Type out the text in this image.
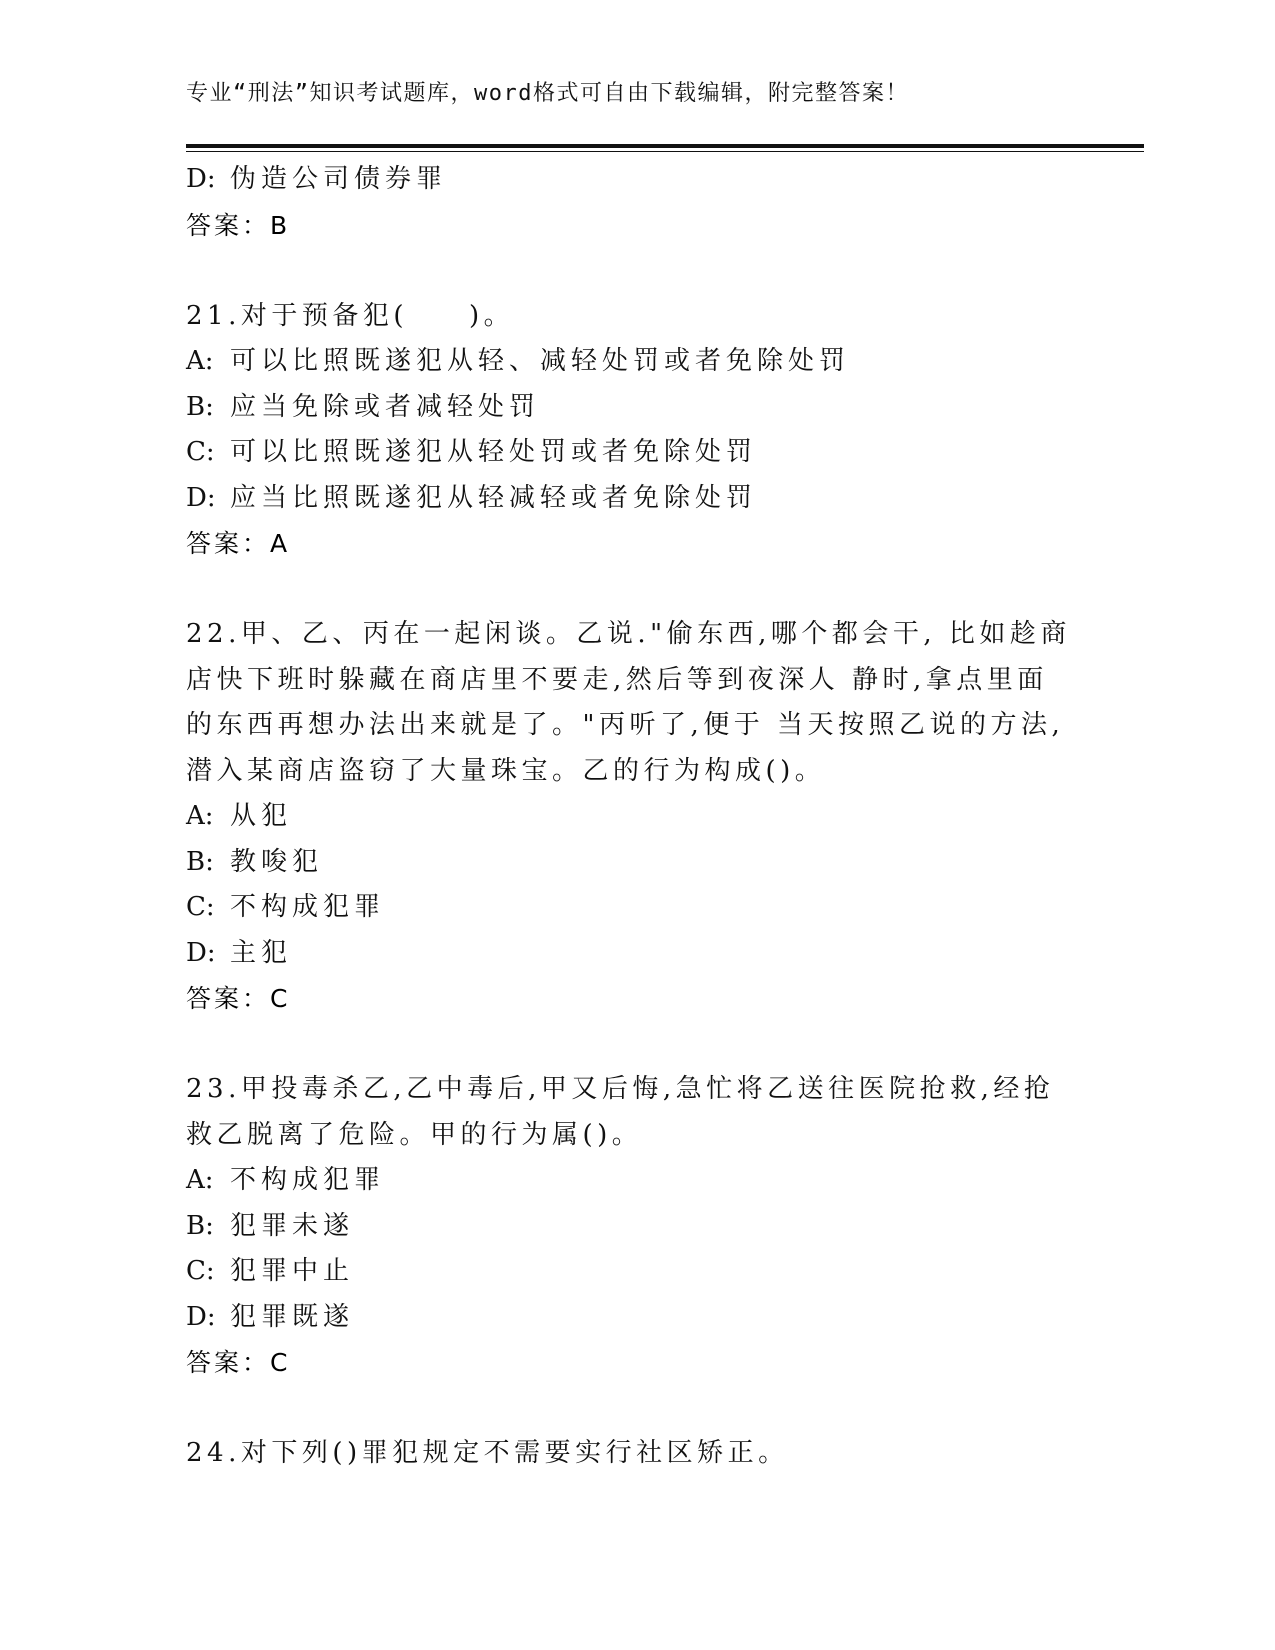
专业“刑法”知识考试题库，word格式可自由下载编辑，附完整答案！
D: 伪造公司债券罪
答案：B
21.对于预备犯(　　)。
A: 可以比照既遂犯从轻、减轻处罚或者免除处罚
B: 应当免除或者减轻处罚
C: 可以比照既遂犯从轻处罚或者免除处罚
D: 应当比照既遂犯从轻减轻或者免除处罚
答案：A
22.甲、乙、丙在一起闲谈。乙说."偷东西,哪个都会干, 比如趁商店快下班时躲藏在商店里不要走,然后等到夜深人 静时,拿点里面的东西再想办法出来就是了。"丙听了,便于 当天按照乙说的方法,潜入某商店盗窃了大量珠宝。乙的行为构成()。
A: 从犯
B: 教唆犯
C: 不构成犯罪
D: 主犯
答案：C
23.甲投毒杀乙,乙中毒后,甲又后悔,急忙将乙送往医院抢救,经抢救乙脱离了危险。甲的行为属()。
A: 不构成犯罪
B: 犯罪未遂
C: 犯罪中止
D: 犯罪既遂
答案：C
24.对下列()罪犯规定不需要实行社区矫正。
